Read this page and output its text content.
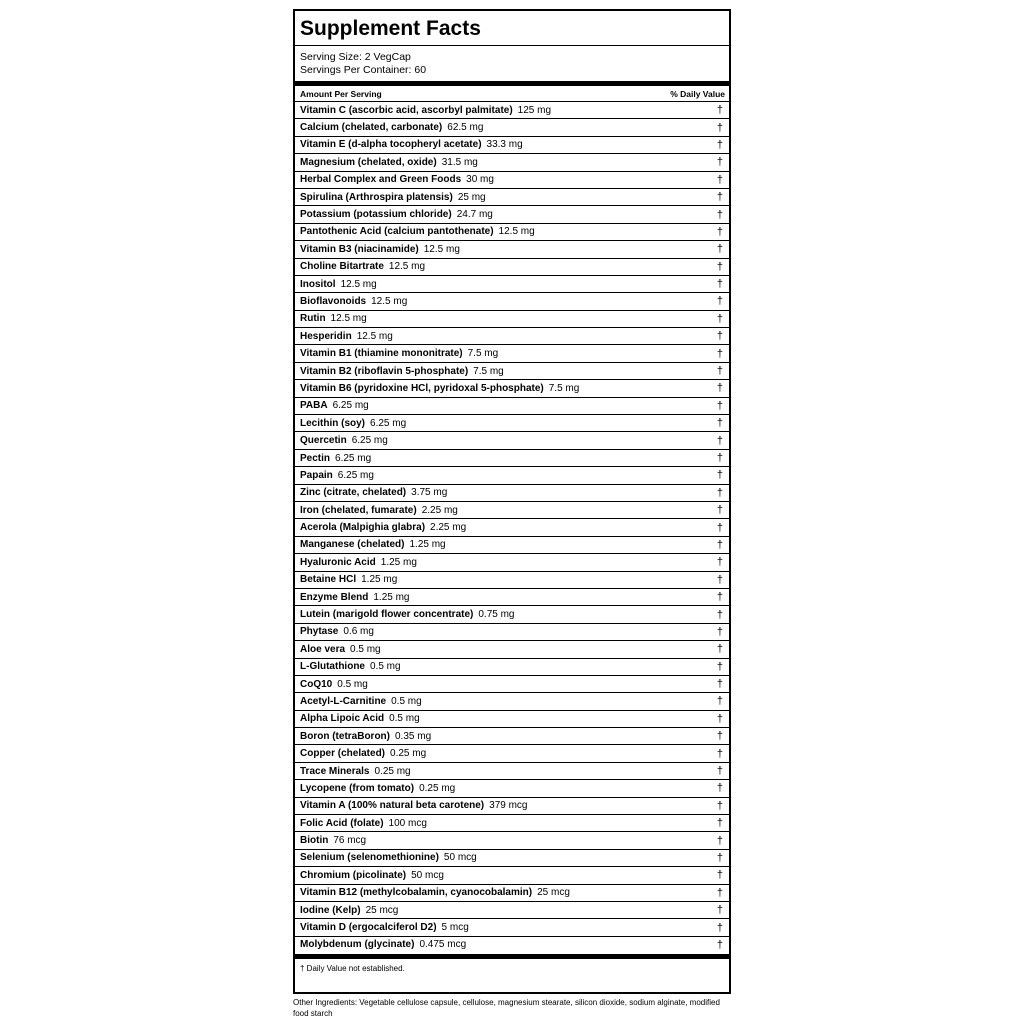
Supplement Facts
Serving Size: 2 VegCap
Servings Per Container: 60
Amount Per Serving	% Daily Value
Vitamin C (ascorbic acid, ascorbyl palmitate) 125 mg	†
Calcium (chelated, carbonate) 62.5 mg	†
Vitamin E (d-alpha tocopheryl acetate) 33.3 mg	†
Magnesium (chelated, oxide) 31.5 mg	†
Herbal Complex and Green Foods 30 mg	†
Spirulina (Arthrospira platensis) 25 mg	†
Potassium (potassium chloride) 24.7 mg	†
Pantothenic Acid (calcium pantothenate) 12.5 mg	†
Vitamin B3 (niacinamide) 12.5 mg	†
Choline Bitartrate 12.5 mg	†
Inositol 12.5 mg	†
Bioflavonoids 12.5 mg	†
Rutin 12.5 mg	†
Hesperidin 12.5 mg	†
Vitamin B1 (thiamine mononitrate) 7.5 mg	†
Vitamin B2 (riboflavin 5-phosphate) 7.5 mg	†
Vitamin B6 (pyridoxine HCl, pyridoxal 5-phosphate) 7.5 mg	†
PABA 6.25 mg	†
Lecithin (soy) 6.25 mg	†
Quercetin 6.25 mg	†
Pectin 6.25 mg	†
Papain 6.25 mg	†
Zinc (citrate, chelated) 3.75 mg	†
Iron (chelated, fumarate) 2.25 mg	†
Acerola (Malpighia glabra) 2.25 mg	†
Manganese (chelated) 1.25 mg	†
Hyaluronic Acid 1.25 mg	†
Betaine HCl 1.25 mg	†
Enzyme Blend 1.25 mg	†
Lutein (marigold flower concentrate) 0.75 mg	†
Phytase 0.6 mg	†
Aloe vera 0.5 mg	†
L-Glutathione 0.5 mg	†
CoQ10 0.5 mg	†
Acetyl-L-Carnitine 0.5 mg	†
Alpha Lipoic Acid 0.5 mg	†
Boron (tetraBoron) 0.35 mg	†
Copper (chelated) 0.25 mg	†
Trace Minerals 0.25 mg	†
Lycopene (from tomato) 0.25 mg	†
Vitamin A (100% natural beta carotene) 379 mcg	†
Folic Acid (folate) 100 mcg	†
Biotin 76 mcg	†
Selenium (selenomethionine) 50 mcg	†
Chromium (picolinate) 50 mcg	†
Vitamin B12 (methylcobalamin, cyanocobalamin) 25 mcg	†
Iodine (Kelp) 25 mcg	†
Vitamin D (ergocalciferol D2) 5 mcg	†
Molybdenum (glycinate) 0.475 mcg	†
† Daily Value not established.
Other Ingredients: Vegetable cellulose capsule, cellulose, magnesium stearate, silicon dioxide, sodium alginate, modified food starch
